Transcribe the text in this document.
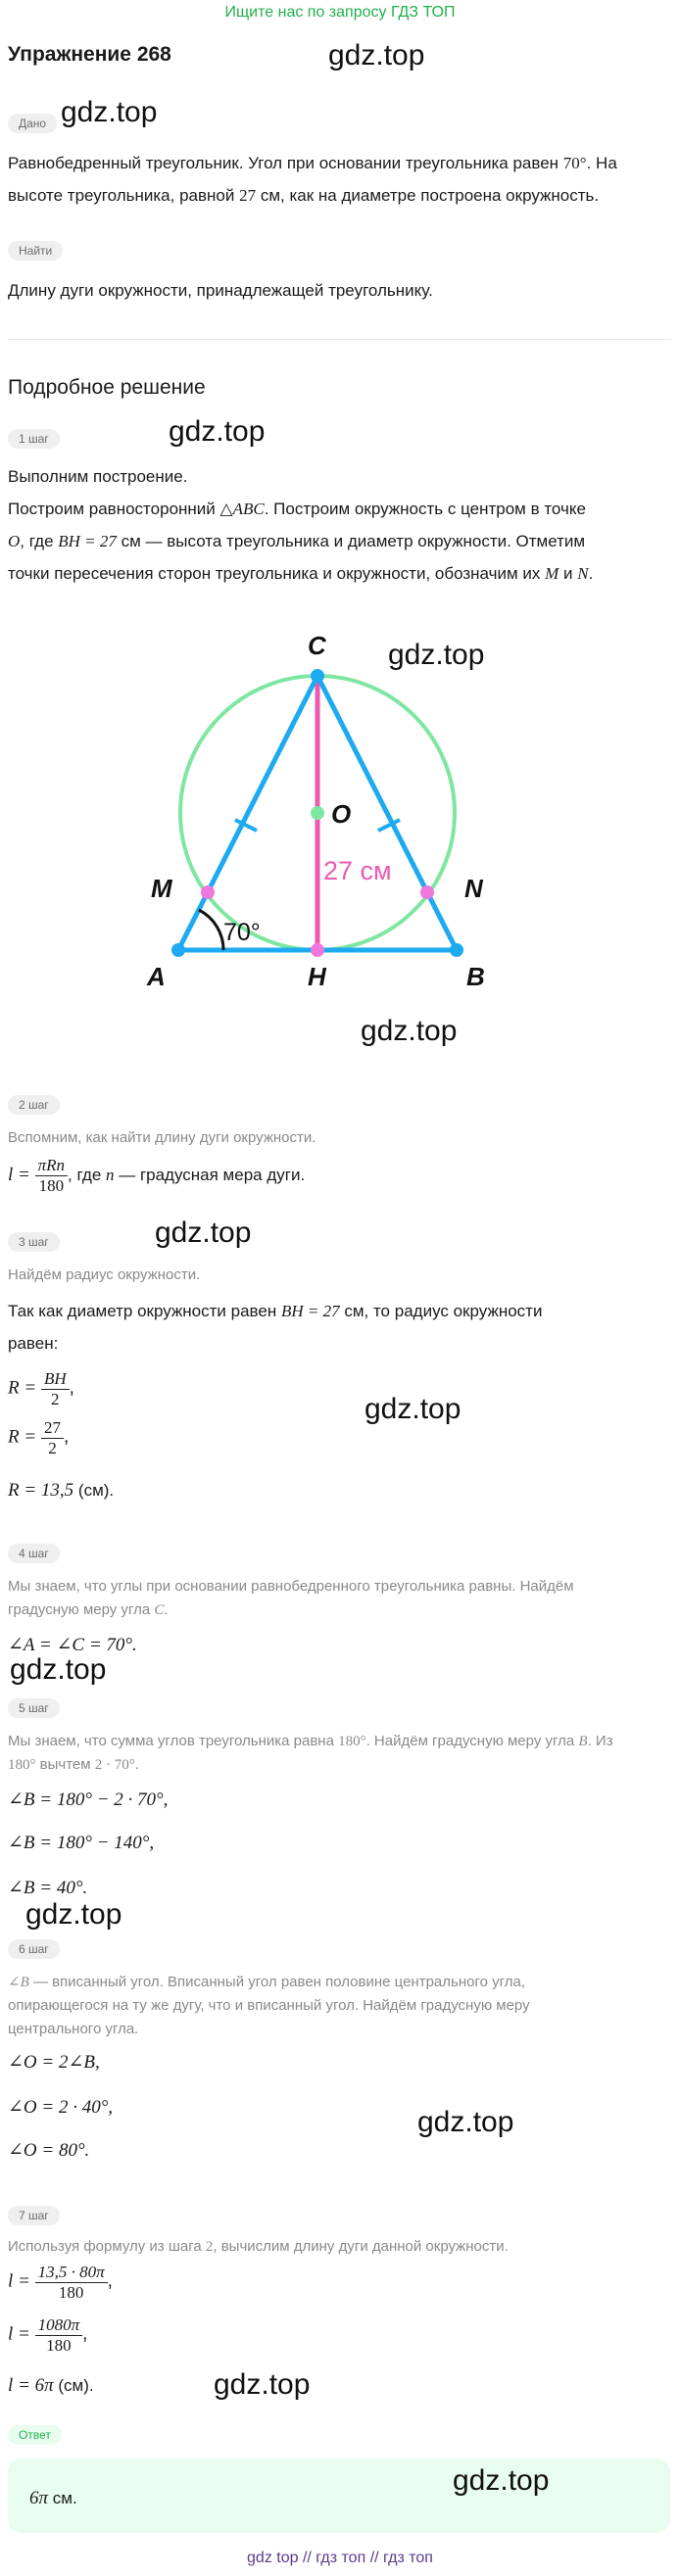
Ищите нас по запросу ГДЗ ТОП
Упражнение 268	gdz.top
Дано gdz.top
Равнобедренный треугольник. Угол при основании треугольника равен 70°. На высоте треугольника, равной 27 см, как на диаметре построена окружность.
Найти
Длину дуги окружности, принадлежащей треугольнику.
Подробное решение
1 шаг	gdz.top
Выполним построение.
Построим равносторонний △ABC. Построим окружность с центром в точке
O, где BH = 27 см — высота треугольника и диаметр окружности. Отметим
точки пересечения сторон треугольника и окружности, обозначим их M и N.
C
A	B
H
O
M	N
70°
27 см
gdz.top
gdz.top
2 шаг
Вспомним, как найти длину дуги окружности.
$l = \frac{\text{πRn}}{180}$ , где n — градусная мера дуги.
3 шаг	gdz.top
Найдём радиус окружности.
Так как диаметр окружности равен BH = 27 см, то радиус окружности
равен:
$R = \frac{BH}{2}$ ,
gdz.top
$R = \frac{27}{2}$ ,
R = 13,5 (см).
4 шаг
Мы знаем, что углы при основании равнобедренного треугольника равны. Найдём
градусную меру угла C.
∠A = ∠C = 70°.
gdz.top
5 шаг
Мы знаем, что сумма углов треугольника равна 180°. Найдём градусную меру угла B. Из
180° вычтем 2 · 70°.
∠B = 180° − 2 · 70°,
∠B = 180° − 140°,
∠B = 40°.
gdz.top
6 шаг
∠B — вписанный угол. Вписанный угол равен половине центрального угла,
опирающегося на ту же дугу, что и вписанный угол. Найдём градусную меру
центрального угла.
∠O = 2∠B,
∠O = 2 · 40°,	gdz.top
∠O = 80°.
7 шаг
Используя формулу из шага 2, вычислим длину дуги данной окружности.
$l = \frac{13,5 \cdot 80\pi}{180}$ ,
$l = \frac{1080\pi}{180}$ ,
l = 6π (см).	gdz.top
Ответ
6π см.
gdz.top
gdz top // гдз топ // гдз топ
